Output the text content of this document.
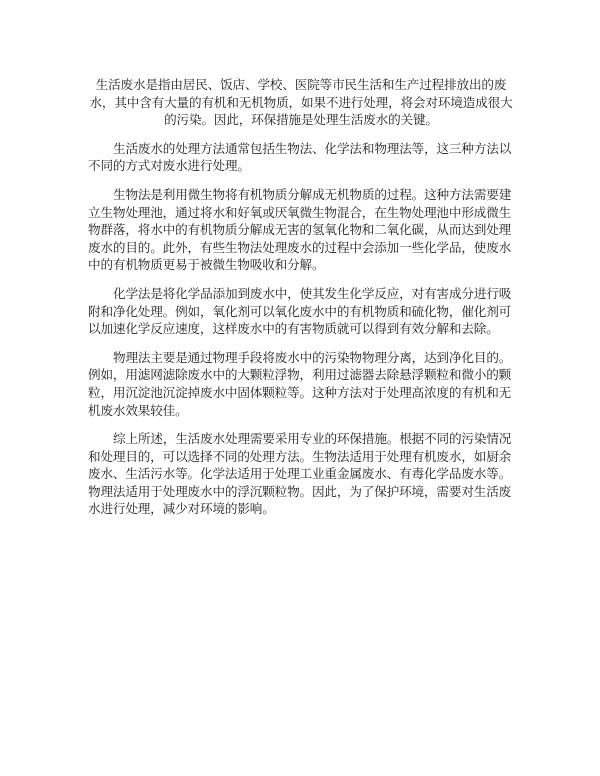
生活废水是指由居民、饭店、学校、医院等市民生活和生产过程排放出的废水，其中含有大量的有机和无机物质，如果不进行处理，将会对环境造成很大的污染。因此，环保措施是处理生活废水的关键。

生活废水的处理方法通常包括生物法、化学法和物理法等，这三种方法以不同的方式对废水进行处理。

生物法是利用微生物将有机物质分解成无机物质的过程。这种方法需要建立生物处理池，通过将水和好氧或厌氧微生物混合，在生物处理池中形成微生物群落，将水中的有机物质分解成无害的氢氧化物和二氧化碳，从而达到处理废水的目的。此外，有些生物法处理废水的过程中会添加一些化学品，使废水中的有机物质更易于被微生物吸收和分解。

化学法是将化学品添加到废水中，使其发生化学反应，对有害成分进行吸附和净化处理。例如，氧化剂可以氧化废水中的有机物质和硫化物，催化剂可以加速化学反应速度，这样废水中的有害物质就可以得到有效分解和去除。

物理法主要是通过物理手段将废水中的污染物物理分离，达到净化目的。例如，用滤网滤除废水中的大颗粒浮物，利用过滤器去除悬浮颗粒和微小的颗粒，用沉淀池沉淀掉废水中固体颗粒等。这种方法对于处理高浓度的有机和无机废水效果较佳。

综上所述，生活废水处理需要采用专业的环保措施。根据不同的污染情况和处理目的，可以选择不同的处理方法。生物法适用于处理有机废水，如厨余废水、生活污水等。化学法适用于处理工业重金属废水、有毒化学品废水等。物理法适用于处理废水中的浮沉颗粒物。因此，为了保护环境，需要对生活废水进行处理，减少对环境的影响。
